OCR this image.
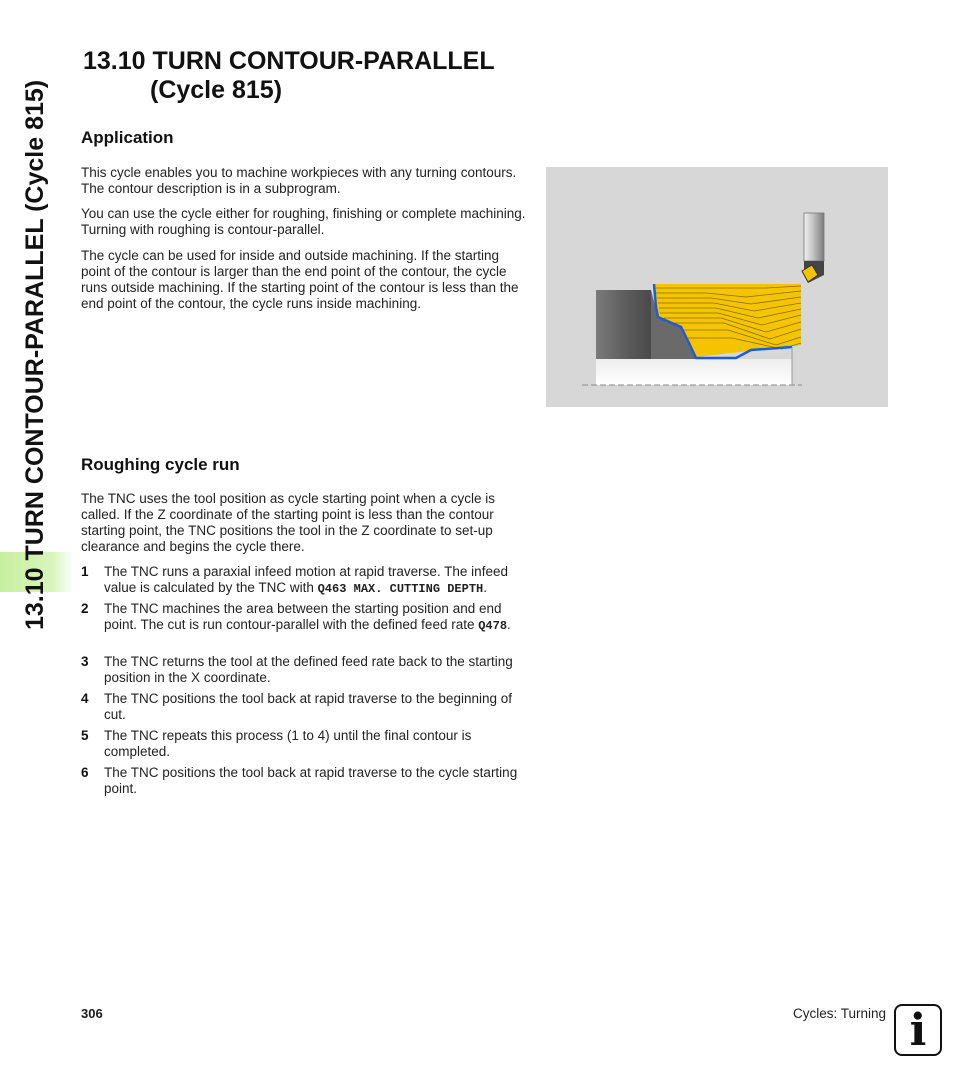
13.10 TURN CONTOUR-PARALLEL (Cycle 815)
13.10 TURN CONTOUR-PARALLEL
(Cycle 815)
Application
This cycle enables you to machine workpieces with any turning contours. The contour description is in a subprogram.
You can use the cycle either for roughing, finishing or complete machining. Turning with roughing is contour-parallel.
The cycle can be used for inside and outside machining. If the starting point of the contour is larger than the end point of the contour, the cycle runs outside machining. If the starting point of the contour is less than the end point of the contour, the cycle runs inside machining.
Roughing cycle run
The TNC uses the tool position as cycle starting point when a cycle is called. If the Z coordinate of the starting point is less than the contour starting point, the TNC positions the tool in the Z coordinate to set-up clearance and begins the cycle there.
1 The TNC runs a paraxial infeed motion at rapid traverse. The infeed value is calculated by the TNC with Q463 MAX. CUTTING DEPTH.
2 The TNC machines the area between the starting position and end point. The cut is run contour-parallel with the defined feed rate Q478.
3 The TNC returns the tool at the defined feed rate back to the starting position in the X coordinate.
4 The TNC positions the tool back at rapid traverse to the beginning of cut.
5 The TNC repeats this process (1 to 4) until the final contour is completed.
6 The TNC positions the tool back at rapid traverse to the cycle starting point.
306	Cycles: Turning i
